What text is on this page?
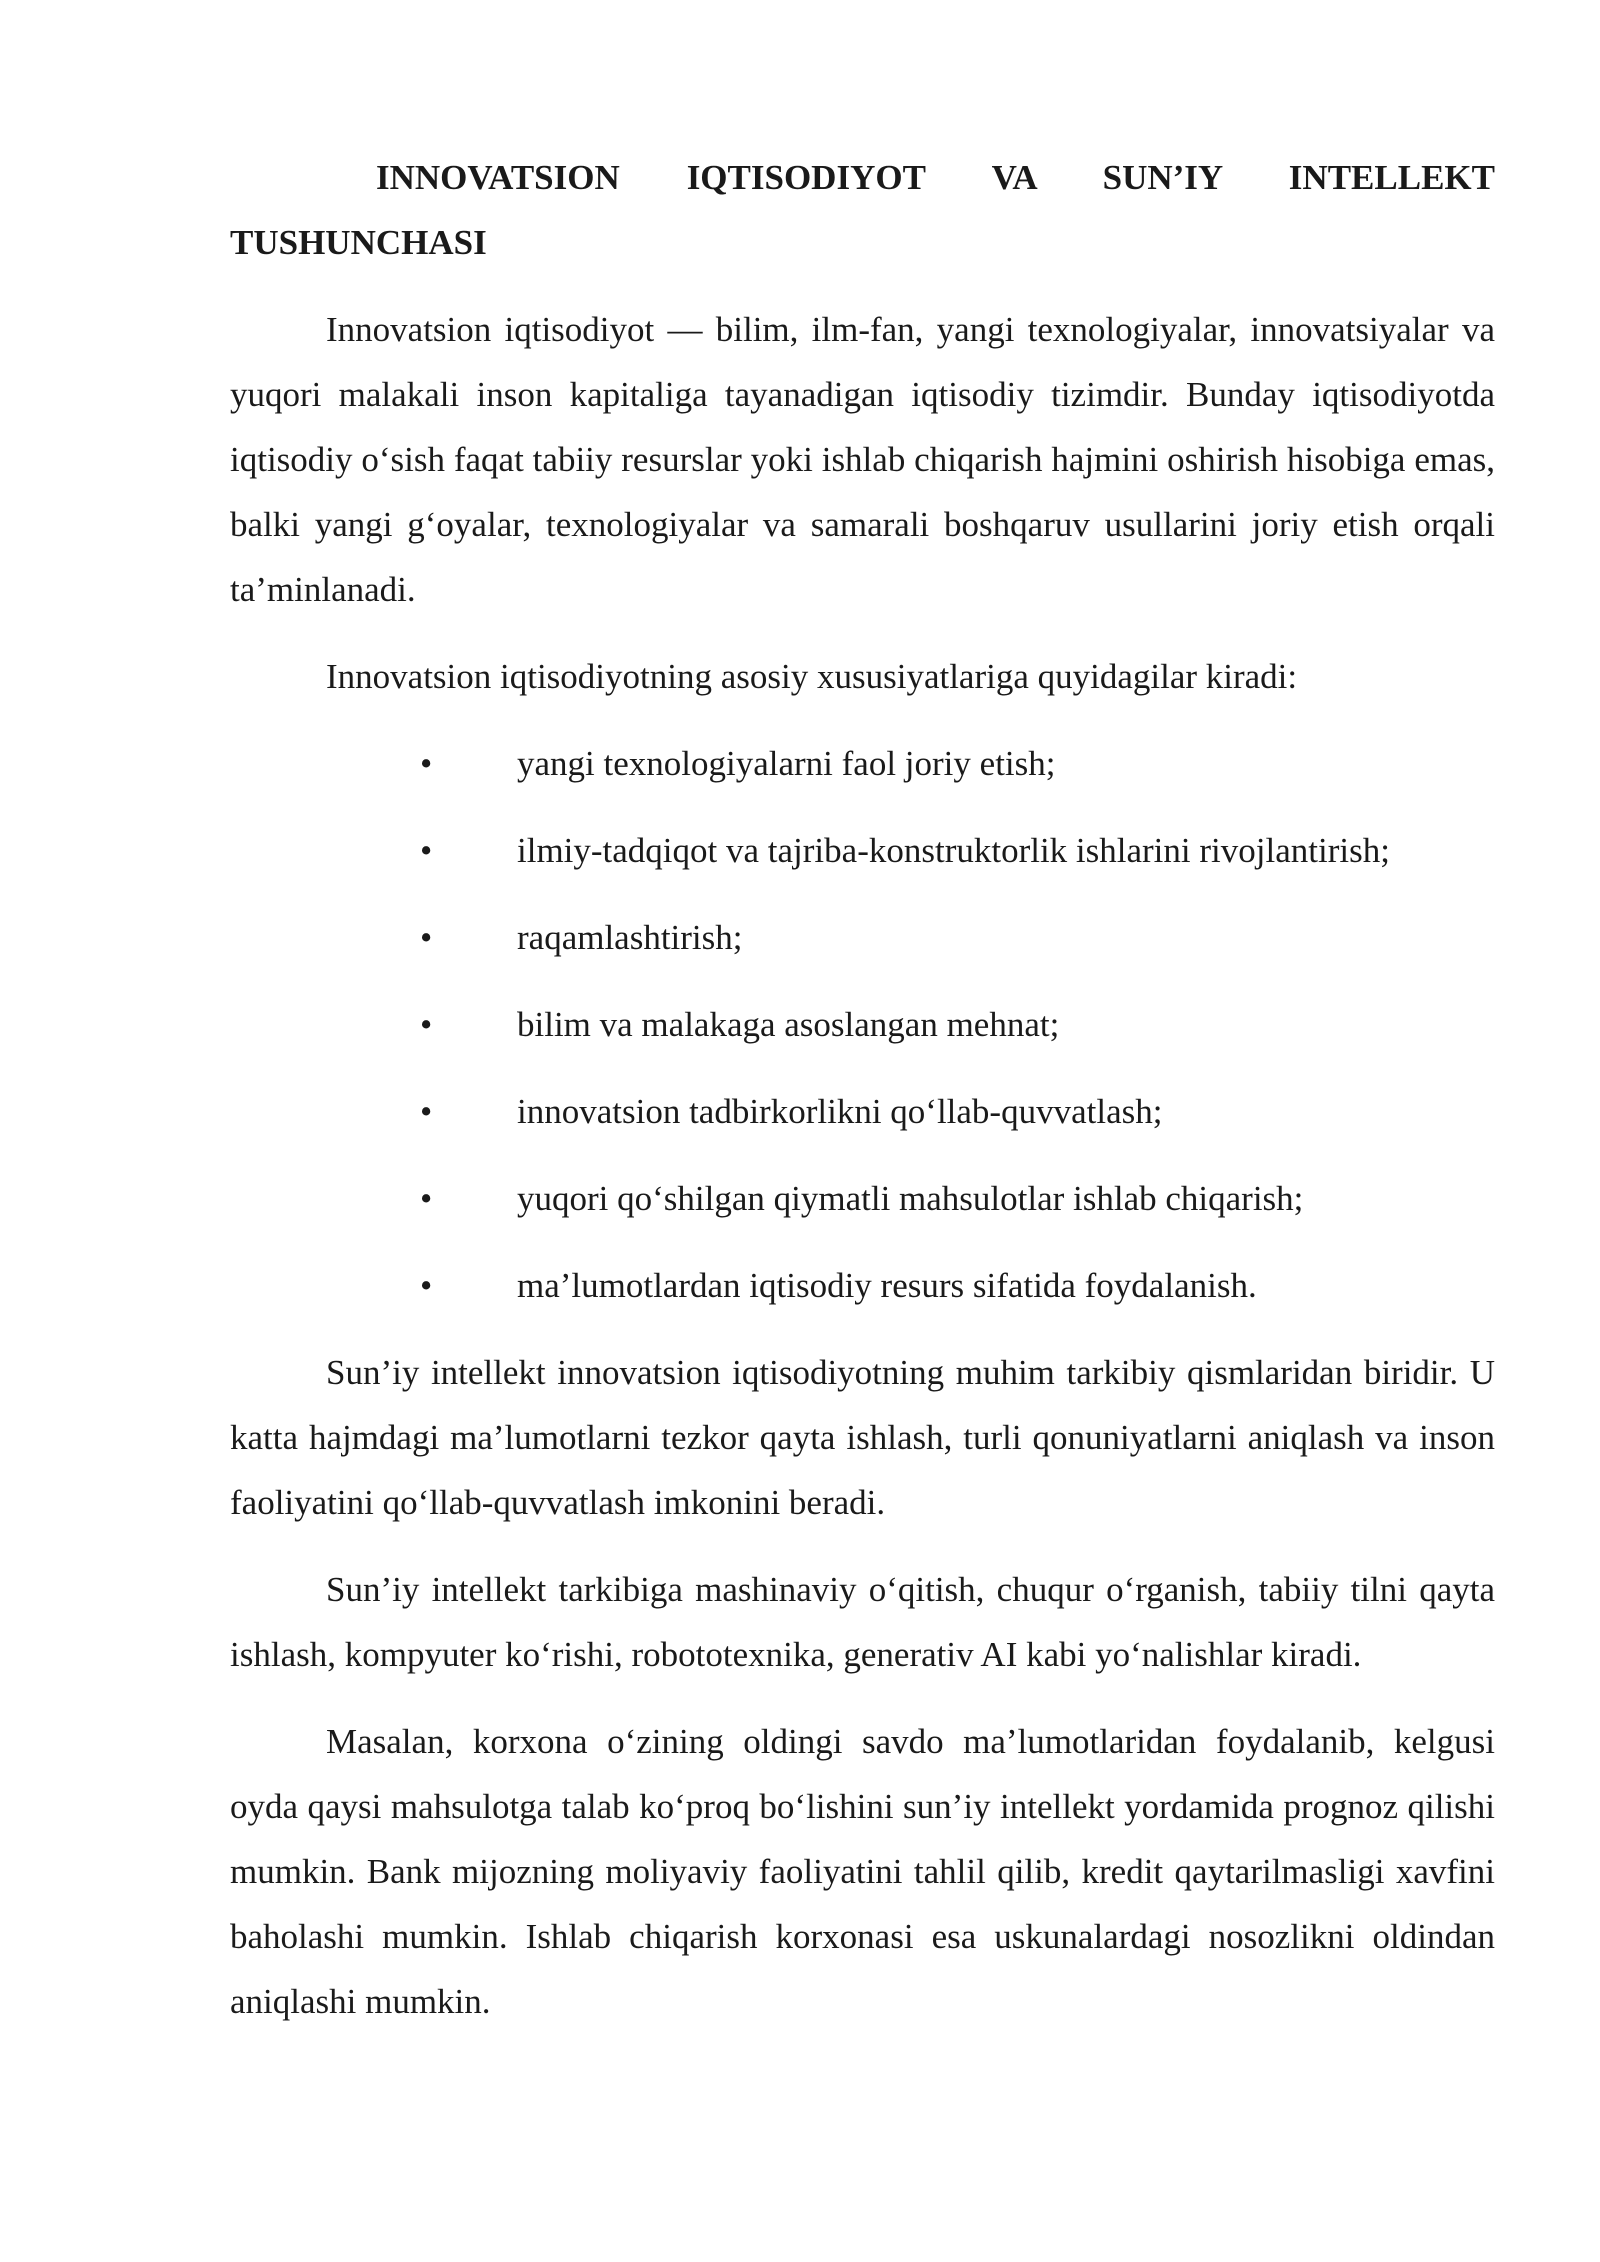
INNOVATSION IQTISODIYOT VA SUN’IY INTELLEKT TUSHUNCHASI

Innovatsion iqtisodiyot — bilim, ilm-fan, yangi texnologiyalar, innovatsiyalar va yuqori malakali inson kapitaliga tayanadigan iqtisodiy tizimdir. Bunday iqtisodiyotda iqtisodiy o‘sish faqat tabiiy resurslar yoki ishlab chiqarish hajmini oshirish hisobiga emas, balki yangi g‘oyalar, texnologiyalar va samarali boshqaruv usullarini joriy etish orqali ta’minlanadi.

Innovatsion iqtisodiyotning asosiy xususiyatlariga quyidagilar kiradi:

• yangi texnologiyalarni faol joriy etish;
• ilmiy-tadqiqot va tajriba-konstruktorlik ishlarini rivojlantirish;
• raqamlashtirish;
• bilim va malakaga asoslangan mehnat;
• innovatsion tadbirkorlikni qo‘llab-quvvatlash;
• yuqori qo‘shilgan qiymatli mahsulotlar ishlab chiqarish;
• ma’lumotlardan iqtisodiy resurs sifatida foydalanish.

Sun’iy intellekt innovatsion iqtisodiyotning muhim tarkibiy qismlaridan biridir. U katta hajmdagi ma’lumotlarni tezkor qayta ishlash, turli qonuniyatlarni aniqlash va inson faoliyatini qo‘llab-quvvatlash imkonini beradi.

Sun’iy intellekt tarkibiga mashinaviy o‘qitish, chuqur o‘rganish, tabiiy tilni qayta ishlash, kompyuter ko‘rishi, robototexnika, generativ AI kabi yo‘nalishlar kiradi.

Masalan, korxona o‘zining oldingi savdo ma’lumotlaridan foydalanib, kelgusi oyda qaysi mahsulotga talab ko‘proq bo‘lishini sun’iy intellekt yordamida prognoz qilishi mumkin. Bank mijozning moliyaviy faoliyatini tahlil qilib, kredit qaytarilmasligi xavfini baholashi mumkin. Ishlab chiqarish korxonasi esa uskunalardagi nosozlikni oldindan aniqlashi mumkin.
